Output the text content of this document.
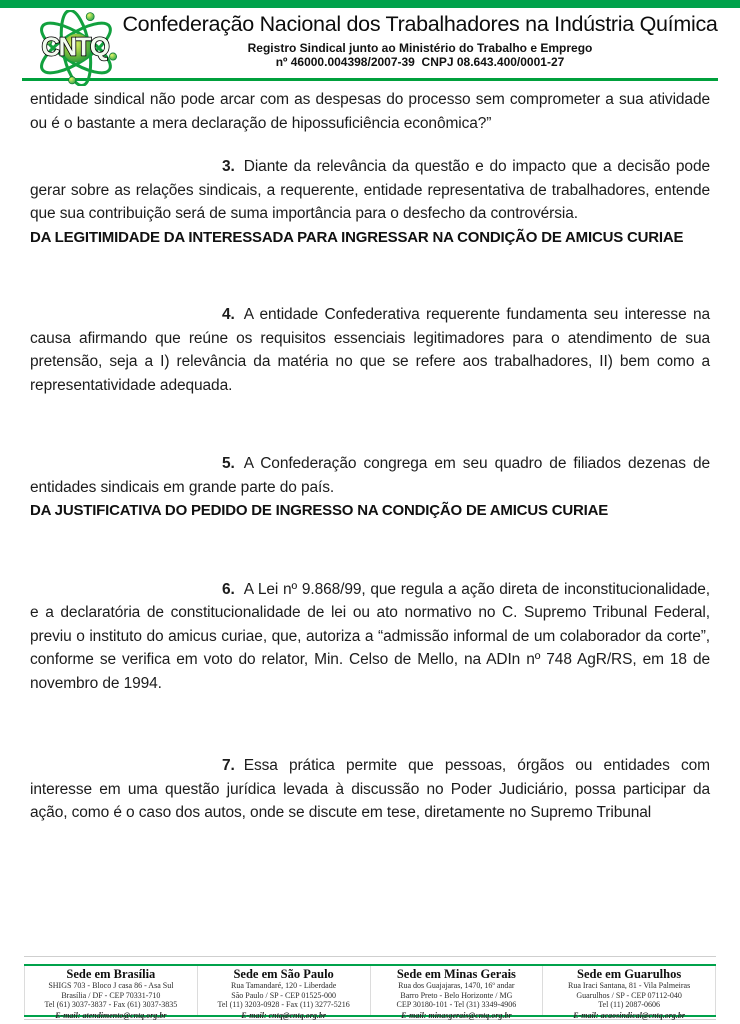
CNTQ
Confederação Nacional dos Trabalhadores na Indústria Química
Registro Sindical junto ao Ministério do Trabalho e Emprego
nº 46000.004398/2007-39  CNPJ 08.643.400/0001-27

entidade sindical não pode arcar com as despesas do processo sem comprometer a sua atividade ou é o bastante a mera declaração de hipossuficiência econômica?”

3. Diante da relevância da questão e do impacto que a decisão pode gerar sobre as relações sindicais, a requerente, entidade representativa de trabalhadores, entende que sua contribuição será de suma importância para o desfecho da controvérsia.

DA LEGITIMIDADE DA INTERESSADA PARA INGRESSAR NA CONDIÇÃO DE AMICUS CURIAE

4. A entidade Confederativa requerente fundamenta seu interesse na causa afirmando que reúne os requisitos essenciais legitimadores para o atendimento de sua pretensão, seja a I) relevância da matéria no que se refere aos trabalhadores, II) bem como a representatividade adequada.

5. A Confederação congrega em seu quadro de filiados dezenas de entidades sindicais em grande parte do país.

DA JUSTIFICATIVA DO PEDIDO DE INGRESSO NA CONDIÇÃO DE AMICUS CURIAE

6. A Lei nº 9.868/99, que regula a ação direta de inconstitucionalidade, e a declaratória de constitucionalidade de lei ou ato normativo no C. Supremo Tribunal Federal, previu o instituto do amicus curiae, que, autoriza a “admissão informal de um colaborador da corte”, conforme se verifica em voto do relator, Min. Celso de Mello, na ADIn nº 748 AgR/RS, em 18 de novembro de 1994.

7. Essa prática permite que pessoas, órgãos ou entidades com interesse em uma questão jurídica levada à discussão no Poder Judiciário, possa participar da ação, como é o caso dos autos, onde se discute em tese, diretamente no Supremo Tribunal

Sede em Brasília
SHIGS 703 - Bloco J casa 86 - Asa Sul
Brasília / DF - CEP 70331-710
Tel (61) 3037-3837 - Fax (61) 3037-3835
E-mail: atendimento@cntq.org.br
Sede em São Paulo
Rua Tamandaré, 120 - Liberdade
São Paulo / SP - CEP 01525-000
Tel (11) 3203-0928 - Fax (11) 3277-5216
E-mail: cntq@cntq.org.br
Sede em Minas Gerais
Rua dos Guajajaras, 1470, 16º andar
Barro Preto - Belo Horizonte / MG
CEP 30180-101 - Tel (31) 3349-4906
E-mail: minasgerais@cntq.org.br
Sede em Guarulhos
Rua Iraci Santana, 81 - Vila Palmeiras
Guarulhos / SP - CEP 07112-040
Tel (11) 2087-0606
E-mail: acaosindical@cntq.org.br
